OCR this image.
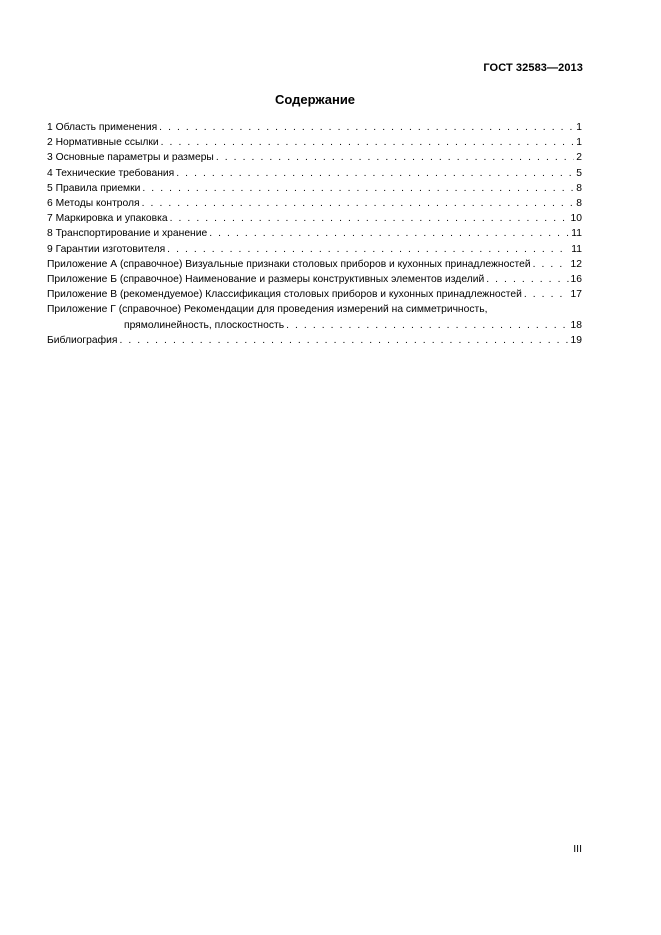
ГОСТ 32583—2013
Содержание
1 Область применения . . .	1
2 Нормативные ссылки . . .	1
3 Основные параметры и размеры . . .	2
4 Технические требования . . .	5
5 Правила приемки . . .	8
6 Методы контроля . . .	8
7 Маркировка и упаковка . . .	10
8 Транспортирование и хранение . . .	11
9 Гарантии изготовителя . . .	11
Приложение А (справочное) Визуальные признаки столовых приборов и кухонных принадлежностей . . .	12
Приложение Б (справочное) Наименование и размеры конструктивных элементов изделий . . .	16
Приложение В (рекомендуемое) Классификация столовых приборов и кухонных принадлежностей . . .	17
Приложение Г (справочное) Рекомендации для проведения измерений на симметричность,
прямолинейность, плоскостность . . .	18
Библиография . . .	19
III
